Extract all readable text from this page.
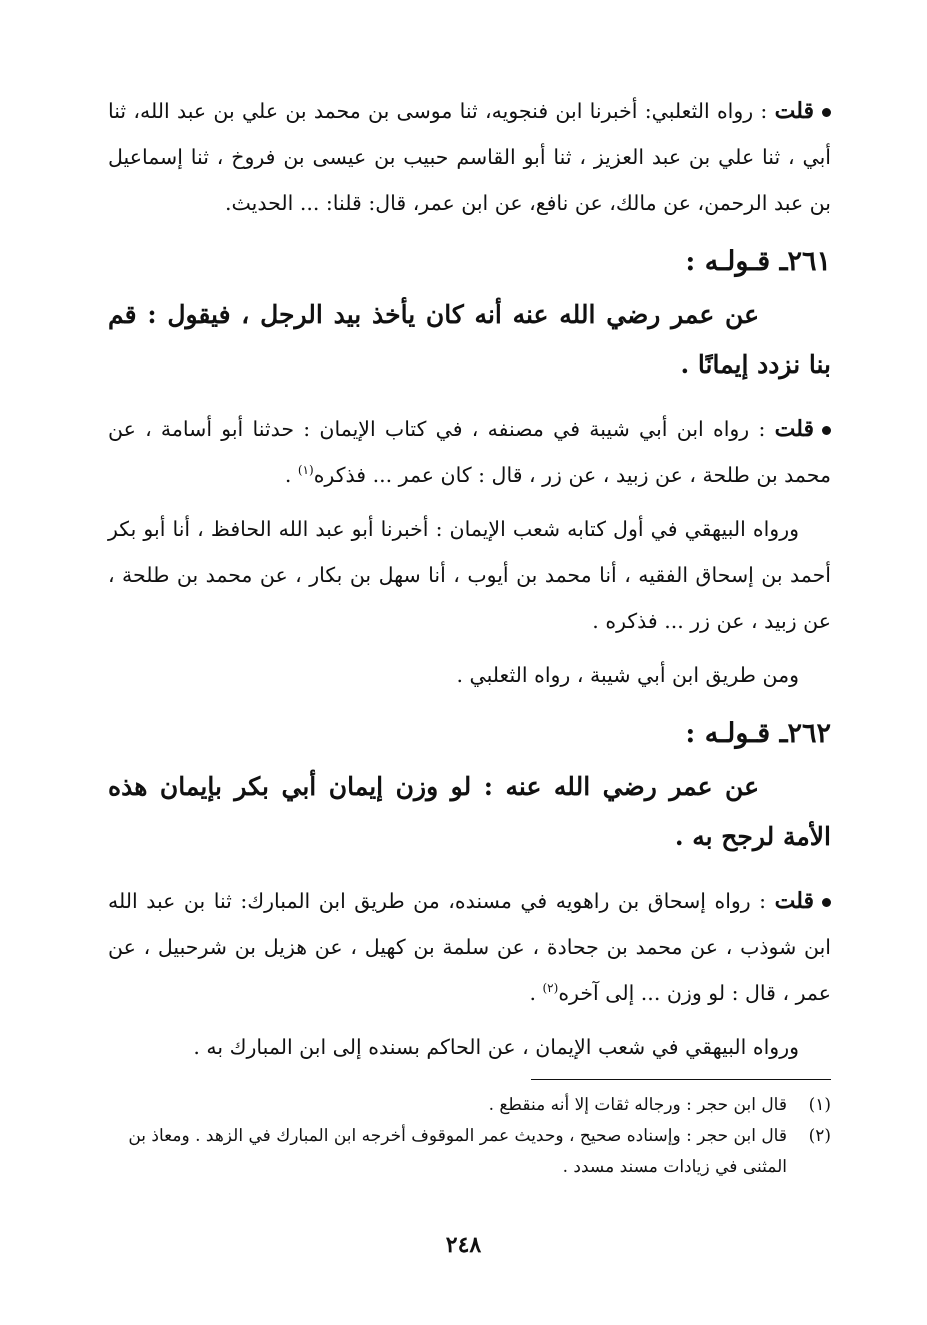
قلت : رواه الثعلبي: أخبرنا ابن فنجويه، ثنا موسى بن محمد بن علي بن عبد الله، ثنا أبي ، ثنا علي بن عبد العزيز ، ثنا أبو القاسم حبيب بن عيسى بن فروخ ، ثنا إسماعيل بن عبد الرحمن، عن مالك، عن نافع، عن ابن عمر، قال: قلنا: ... الحديث.

٢٦١ـ قـولـه :
عن عمر رضي الله عنه أنه كان يأخذ بيد الرجل ، فيقول : قم بنا نزدد إيمانًا .

قلت : رواه ابن أبي شيبة في مصنفه ، في كتاب الإيمان : حدثنا أبو أسامة ، عن محمد بن طلحة ، عن زبيد ، عن زر ، قال : كان عمر ... فذكره$^{(١)}$ .

ورواه البيهقي في أول كتابه شعب الإيمان : أخبرنا أبو عبد الله الحافظ ، أنا أبو بكر أحمد بن إسحاق الفقيه ، أنا محمد بن أيوب ، أنا سهل بن بكار ، عن محمد بن طلحة ، عن زبيد ، عن زر ... فذكره .

ومن طريق ابن أبي شيبة ، رواه الثعلبي .

٢٦٢ـ قـولـه :
عن عمر رضي الله عنه : لو وزن إيمان أبي بكر بإيمان هذه الأمة لرجح به .

قلت : رواه إسحاق بن راهويه في مسنده، من طريق ابن المبارك: ثنا بن عبد الله ابن شوذب ، عن محمد بن جحادة ، عن سلمة بن كهيل ، عن هزيل بن شرحبيل ، عن عمر ، قال : لو وزن ... إلى آخره$^{(٢)}$ .

ورواه البيهقي في شعب الإيمان ، عن الحاكم بسنده إلى ابن المبارك به .

(١)
قال ابن حجر : ورجاله ثقات إلا أنه منقطع .
(٢)
قال ابن حجر : وإسناده صحيح ، وحديث عمر الموقوف أخرجه ابن المبارك في الزهد . ومعاذ بن المثنى في زيادات مسند مسدد .
٢٤٨
